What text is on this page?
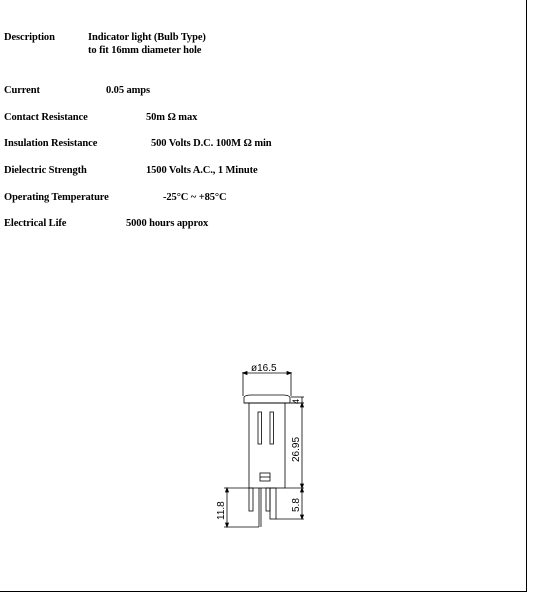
Description	Indicator light (Bulb Type)
to fit 16mm diameter hole
Current	0.05 amps
Contact Resistance	50m Ω max
Insulation Resistance	500 Volts D.C. 100M Ω min
Dielectric Strength	1500 Volts A.C., 1 Minute
Operating Temperature	-25°C ~ +85°C
Electrical Life	5000 hours approx
ø16.5
4
26.95
5.8
11.8
